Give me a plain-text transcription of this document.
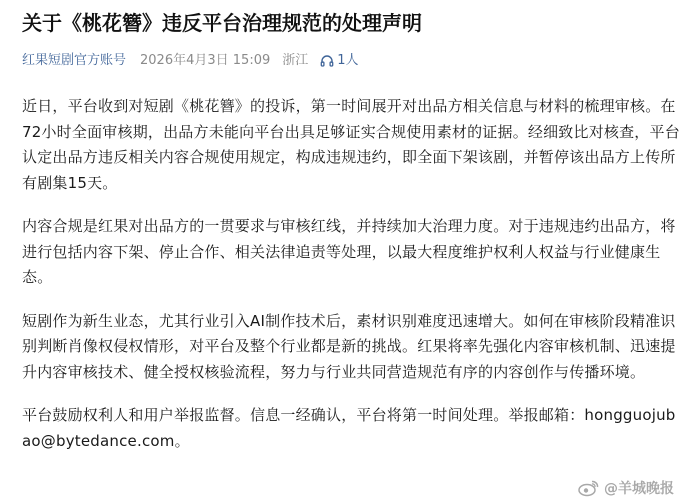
关于《桃花簪》违反平台治理规范的处理声明
红果短剧官方账号 2026年4月3日 15:09 浙江 1人

近日，平台收到对短剧《桃花簪》的投诉，第一时间展开对出品方相关信息与材料的梳理审核。在72小时全面审核期，出品方未能向平台出具足够证实合规使用素材的证据。经细致比对核查，平台认定出品方违反相关内容合规使用规定，构成违规违约，即全面下架该剧，并暂停该出品方上传所有剧集15天。

内容合规是红果对出品方的一贯要求与审核红线，并持续加大治理力度。对于违规违约出品方，将进行包括内容下架、停止合作、相关法律追责等处理，以最大程度维护权利人权益与行业健康生态。

短剧作为新生业态，尤其行业引入AI制作技术后，素材识别难度迅速增大。如何在审核阶段精准识别判断肖像权侵权情形，对平台及整个行业都是新的挑战。红果将率先强化内容审核机制、迅速提升内容审核技术、健全授权核验流程，努力与行业共同营造规范有序的内容创作与传播环境。

平台鼓励权利人和用户举报监督。信息一经确认，平台将第一时间处理。举报邮箱：hongguojubao@bytedance.com。

@羊城晚报
